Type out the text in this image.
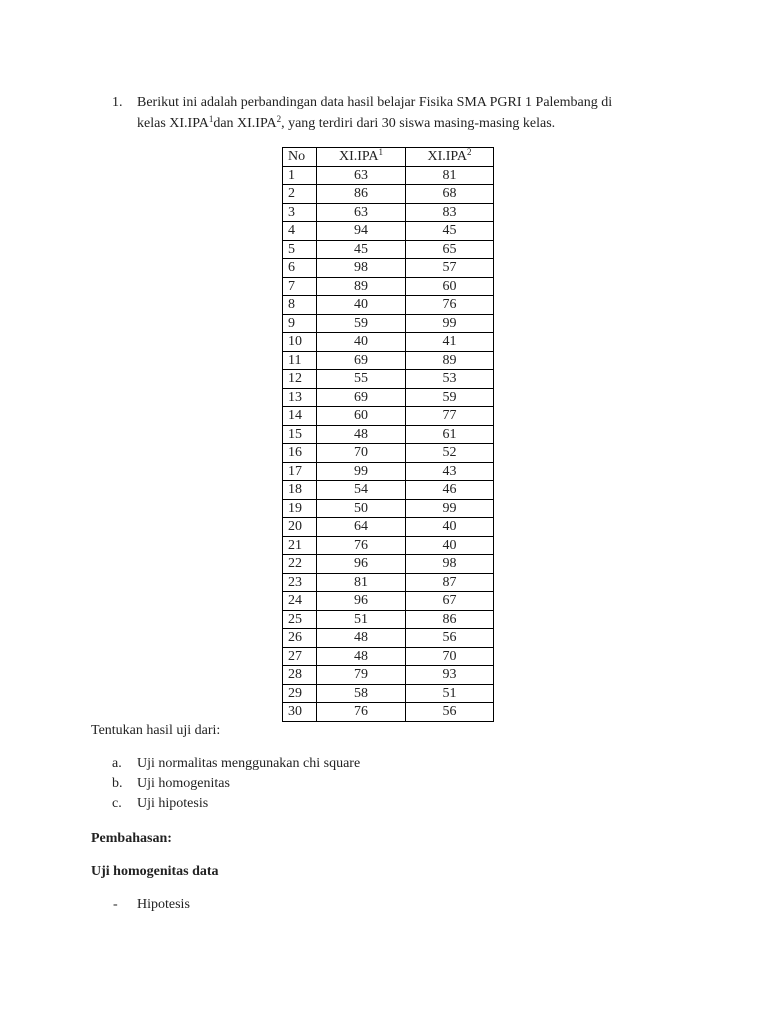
1. Berikut ini adalah perbandingan data hasil belajar Fisika SMA PGRI 1 Palembang di
kelas XI.IPA$^1$dan XI.IPA$^2$, yang terdiri dari 30 siswa masing-masing kelas.
No	XI.IPA$^1$	XI.IPA$^2$
1	63	81
2	86	68
3	63	83
4	94	45
5	45	65
6	98	57
7	89	60
8	40	76
9	59	99
10	40	41
11	69	89
12	55	53
13	69	59
14	60	77
15	48	61
16	70	52
17	99	43
18	54	46
19	50	99
20	64	40
21	76	40
22	96	98
23	81	87
24	96	67
25	51	86
26	48	56
27	48	70
28	79	93
29	58	51
30	76	56
Tentukan hasil uji dari:
a. Uji normalitas menggunakan chi square
b. Uji homogenitas
c. Uji hipotesis
Pembahasan:
Uji homogenitas data
- Hipotesis
